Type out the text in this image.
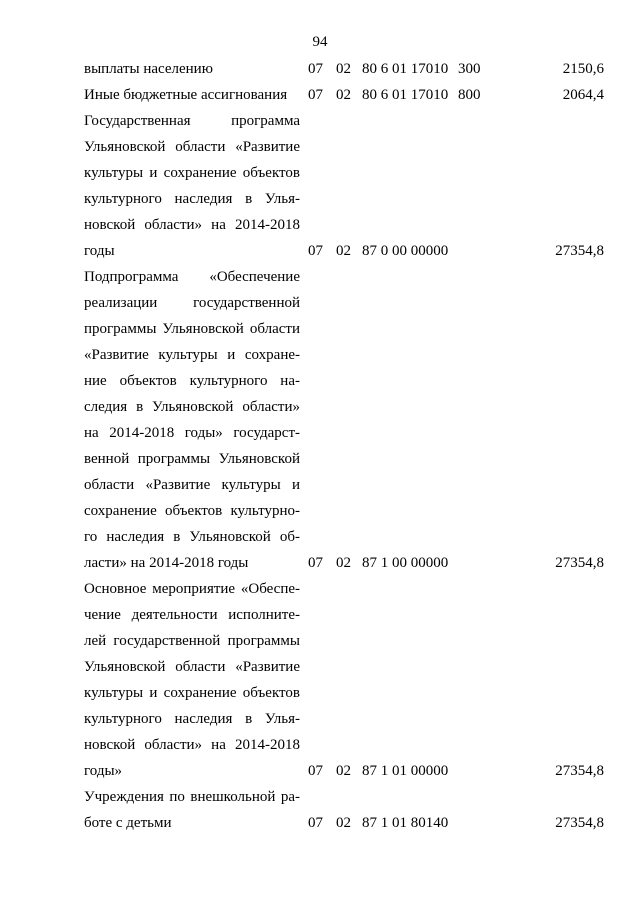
94
выплаты населению	07 02 80 6 01 17010 300	2150,6
Иные бюджетные ассигнования	07 02 80 6 01 17010 800	2064,4
Государственная программа
Ульяновской области «Развитие
культуры и сохранение объектов
культурного наследия в Улья-
новской области» на 2014-2018
годы	07 02 87 0 00 00000	27354,8
Подпрограмма «Обеспечение
реализации государственной
программы Ульяновской области
«Развитие культуры и сохране-
ние объектов культурного на-
следия в Ульяновской области»
на 2014-2018 годы» государст-
венной программы Ульяновской
области «Развитие культуры и
сохранение объектов культурно-
го наследия в Ульяновской об-
ласти» на 2014-2018 годы	07 02 87 1 00 00000	27354,8
Основное мероприятие «Обеспе-
чение деятельности исполните-
лей государственной программы
Ульяновской области «Развитие
культуры и сохранение объектов
культурного наследия в Улья-
новской области» на 2014-2018
годы»	07 02 87 1 01 00000	27354,8
Учреждения по внешкольной ра-
боте с детьми	07 02 87 1 01 80140	27354,8
